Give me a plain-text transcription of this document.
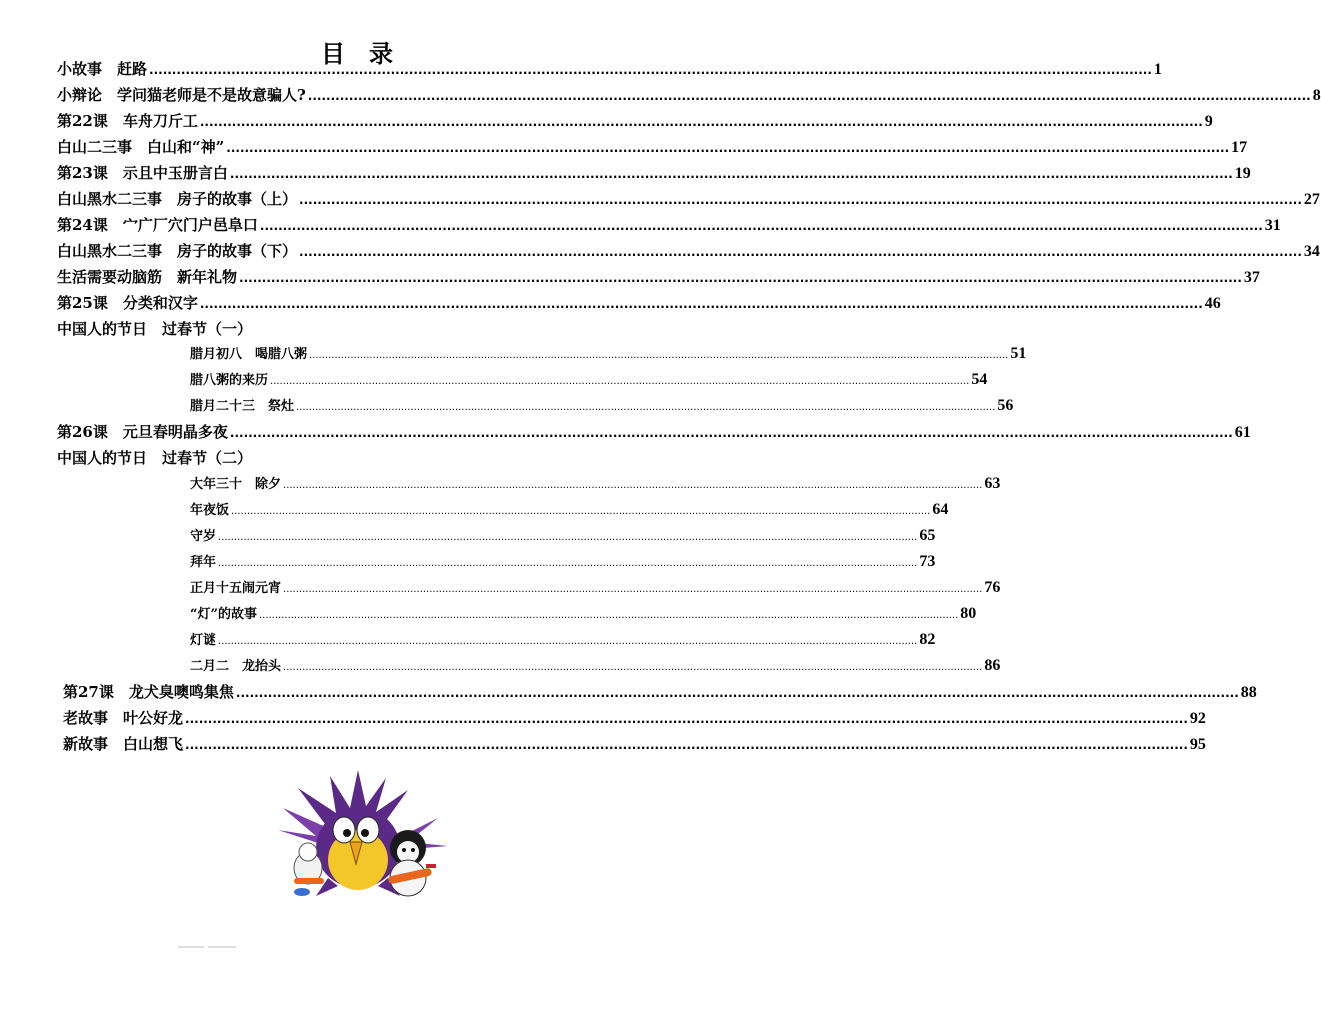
目　录
小故事　赶路 ............................................................................................................................................................................................................................ 1
小辩论　学问猫老师是不是故意骗人? ............................................................................................................................................................................................................................ 8
第22课　车舟刀斤工 ............................................................................................................................................................................................................................ 9
白山二三事　白山和“神” ............................................................................................................................................................................................................................ 17
第23课　示且中玉册言白 ............................................................................................................................................................................................................................ 19
白山黑水二三事　房子的故事（上） ............................................................................................................................................................................................................................ 27
第24课　宀广厂穴门户邑阜口 ............................................................................................................................................................................................................................ 31
白山黑水二三事　房子的故事（下） ............................................................................................................................................................................................................................ 34
生活需要动脑筋　新年礼物 ............................................................................................................................................................................................................................ 37
第25课　分类和汉字 ............................................................................................................................................................................................................................ 46
中国人的节日　过春节（一）
腊月初八　喝腊八粥 ............................................................................................................................................................................................................................ 51
腊八粥的来历 ............................................................................................................................................................................................................................ 54
腊月二十三　祭灶 ............................................................................................................................................................................................................................ 56
第26课　元旦春明晶多夜 ............................................................................................................................................................................................................................ 61
中国人的节日　过春节（二）
大年三十　除夕 ............................................................................................................................................................................................................................ 63
年夜饭 ............................................................................................................................................................................................................................ 64
守岁 ............................................................................................................................................................................................................................ 65
拜年 ............................................................................................................................................................................................................................ 73
正月十五闹元宵 ............................................................................................................................................................................................................................ 76
“灯”的故事 ............................................................................................................................................................................................................................ 80
灯谜 ............................................................................................................................................................................................................................ 82
二月二　龙抬头 ............................................................................................................................................................................................................................ 86
第27课　龙犬臭噢鸣集焦 ............................................................................................................................................................................................................................ 88
老故事　叶公好龙 ............................................................................................................................................................................................................................ 92
新故事　白山想飞 ............................................................................................................................................................................................................................ 95
